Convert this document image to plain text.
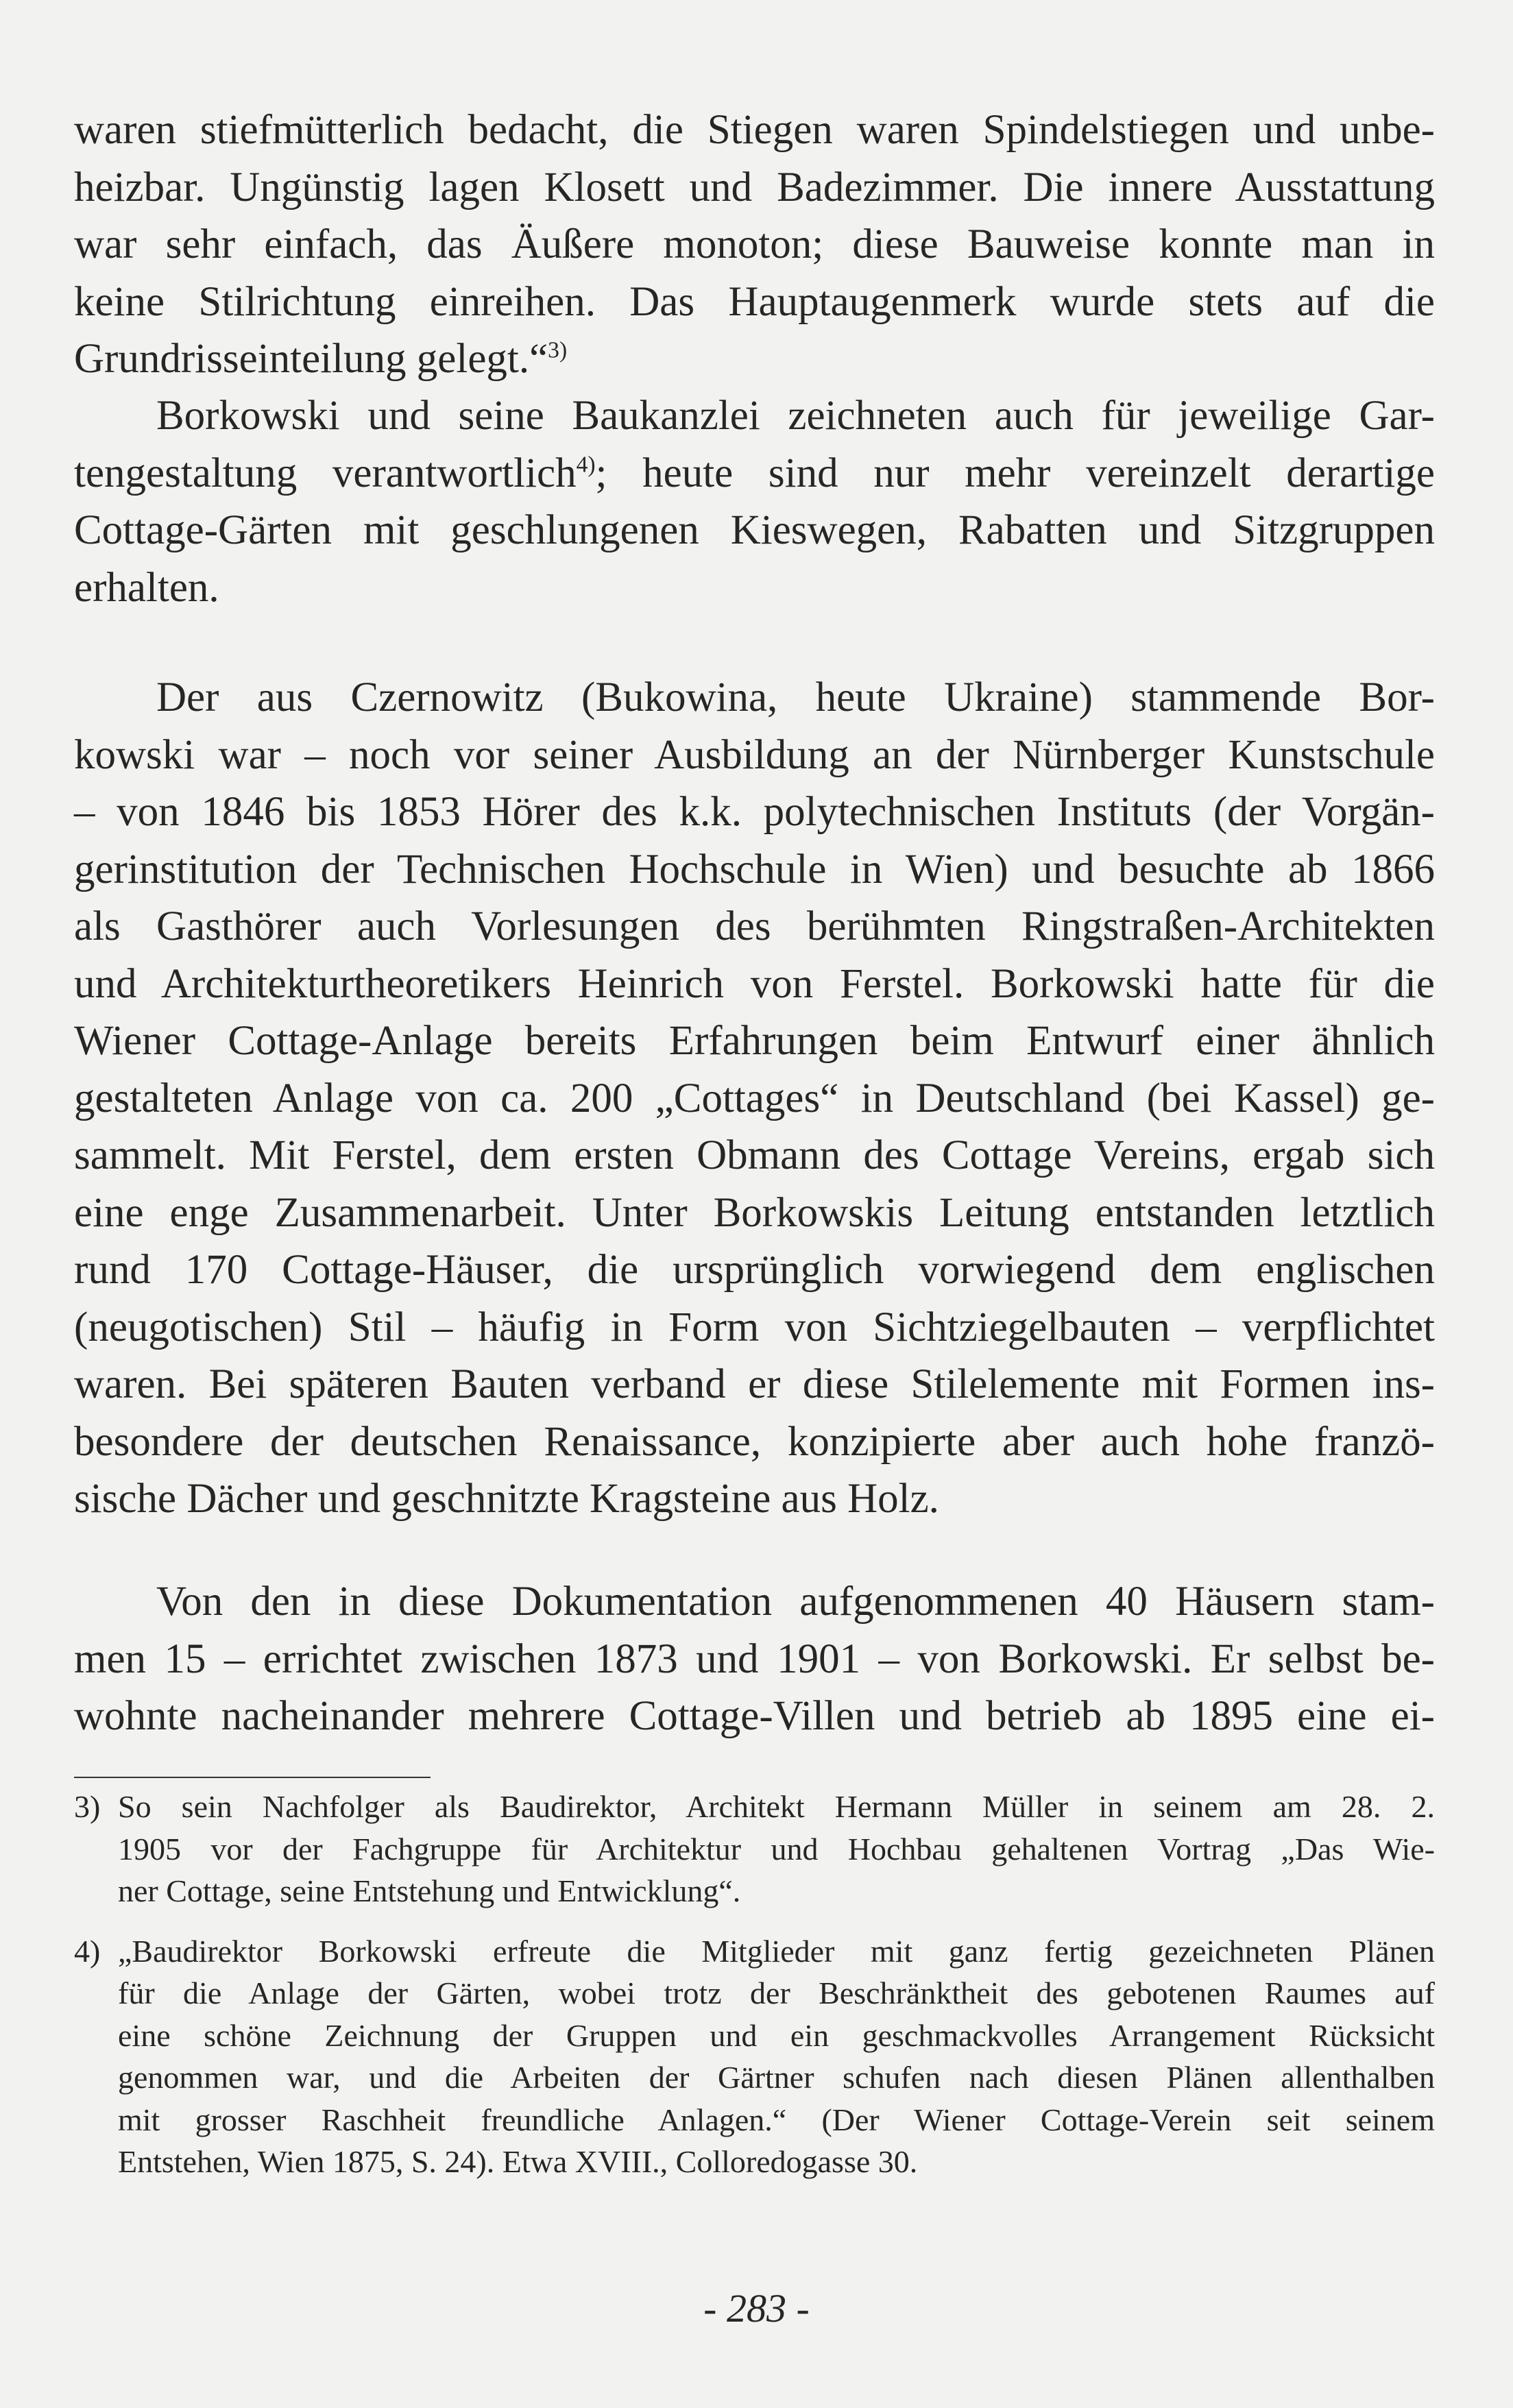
waren stiefmütterlich bedacht, die Stiegen waren Spindelstiegen und unbe-

heizbar. Ungünstig lagen Klosett und Badezimmer. Die innere Ausstattung

war sehr einfach, das Äußere monoton; diese Bauweise konnte man in

keine Stilrichtung einreihen. Das Hauptaugenmerk wurde stets auf die

Grundrisseinteilung gelegt.“$^{3)}$

Borkowski und seine Baukanzlei zeichneten auch für jeweilige Gar-

tengestaltung verantwortlich$^{4)}$; heute sind nur mehr vereinzelt derartige

Cottage-Gärten mit geschlungenen Kieswegen, Rabatten und Sitzgruppen

erhalten.

Der aus Czernowitz (Bukowina, heute Ukraine) stammende Bor-

kowski war – noch vor seiner Ausbildung an der Nürnberger Kunstschule

– von 1846 bis 1853 Hörer des k.k. polytechnischen Instituts (der Vorgän-

gerinstitution der Technischen Hochschule in Wien) und besuchte ab 1866

als Gasthörer auch Vorlesungen des berühmten Ringstraßen-Architekten

und Architekturtheoretikers Heinrich von Ferstel. Borkowski hatte für die

Wiener Cottage-Anlage bereits Erfahrungen beim Entwurf einer ähnlich

gestalteten Anlage von ca. 200 „Cottages“ in Deutschland (bei Kassel) ge-

sammelt. Mit Ferstel, dem ersten Obmann des Cottage Vereins, ergab sich

eine enge Zusammenarbeit. Unter Borkowskis Leitung entstanden letztlich

rund 170 Cottage-Häuser, die ursprünglich vorwiegend dem englischen

(neugotischen) Stil – häufig in Form von Sichtziegelbauten – verpflichtet

waren. Bei späteren Bauten verband er diese Stilelemente mit Formen ins-

besondere der deutschen Renaissance, konzipierte aber auch hohe franzö-

sische Dächer und geschnitzte Kragsteine aus Holz.

Von den in diese Dokumentation aufgenommenen 40 Häusern stam-

men 15 – errichtet zwischen 1873 und 1901 – von Borkowski. Er selbst be-

wohnte nacheinander mehrere Cottage-Villen und betrieb ab 1895 eine ei-

3) So sein Nachfolger als Baudirektor, Architekt Hermann Müller in seinem am 28. 2.
1905 vor der Fachgruppe für Architektur und Hochbau gehaltenen Vortrag „Das Wie-
ner Cottage, seine Entstehung und Entwicklung“.
4) „Baudirektor Borkowski erfreute die Mitglieder mit ganz fertig gezeichneten Plänen
für die Anlage der Gärten, wobei trotz der Beschränktheit des gebotenen Raumes auf
eine schöne Zeichnung der Gruppen und ein geschmackvolles Arrangement Rücksicht
genommen war, und die Arbeiten der Gärtner schufen nach diesen Plänen allenthalben
mit grosser Raschheit freundliche Anlagen.“ (Der Wiener Cottage-Verein seit seinem
Entstehen, Wien 1875, S. 24). Etwa XVIII., Colloredogasse 30.
- 283 -
